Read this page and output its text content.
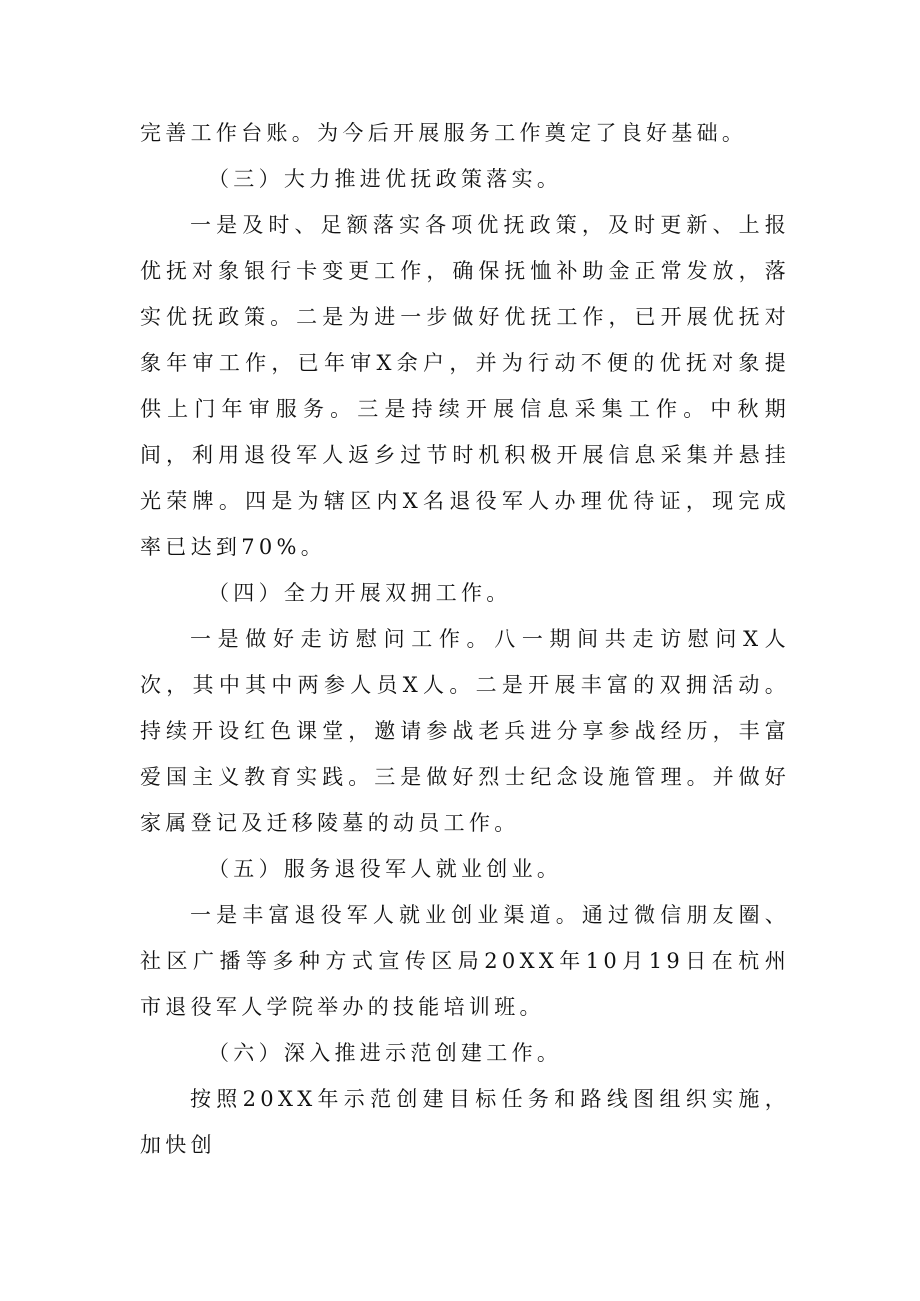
完善工作台账。为今后开展服务工作奠定了良好基础。

（三）大力推进优抚政策落实。

一是及时、足额落实各项优抚政策，及时更新、上报优抚对象银行卡变更工作，确保抚恤补助金正常发放，落实优抚政策。二是为进一步做好优抚工作，已开展优抚对象年审工作，已年审X余户，并为行动不便的优抚对象提供上门年审服务。三是持续开展信息采集工作。中秋期间，利用退役军人返乡过节时机积极开展信息采集并悬挂光荣牌。四是为辖区内X名退役军人办理优待证，现完成率已达到70%。

（四）全力开展双拥工作。

一是做好走访慰问工作。八一期间共走访慰问X人次，其中其中两参人员X人。二是开展丰富的双拥活动。持续开设红色课堂，邀请参战老兵进分享参战经历，丰富爱国主义教育实践。三是做好烈士纪念设施管理。并做好家属登记及迁移陵墓的动员工作。

（五）服务退役军人就业创业。

一是丰富退役军人就业创业渠道。通过微信朋友圈、社区广播等多种方式宣传区局20XX年10月19日在杭州市退役军人学院举办的技能培训班。

（六）深入推进示范创建工作。

按照20XX年示范创建目标任务和路线图组织实施，加快创
